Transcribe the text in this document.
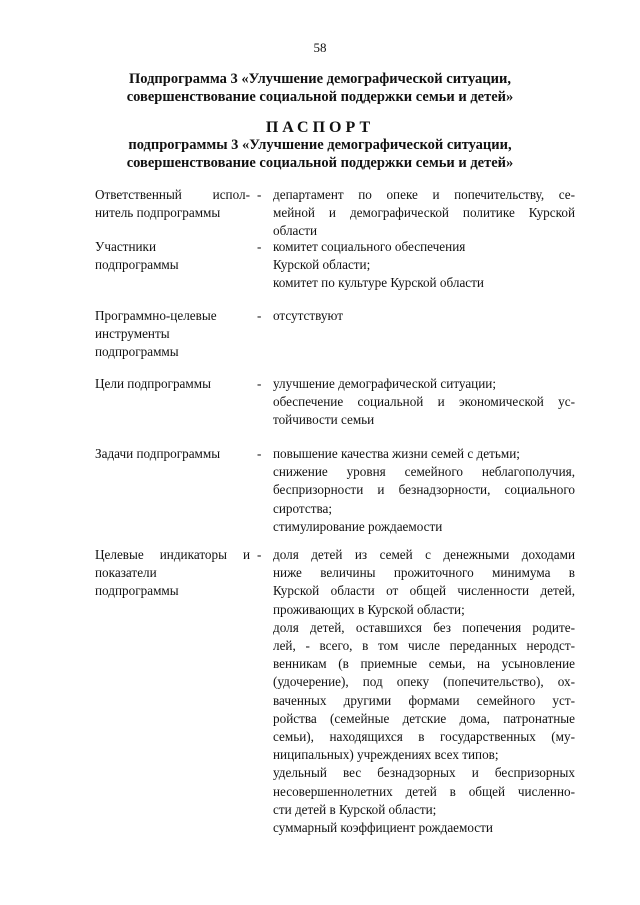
58
Подпрограмма 3 «Улучшение демографической ситуации,
совершенствование социальной поддержки семьи и детей»
ПАСПОРТ
подпрограммы 3 «Улучшение демографической ситуации,
совершенствование социальной поддержки семьи и детей»
Ответственный испол-
нитель подпрограммы
- департамент по опеке и попечительству, се-
мейной и демографической политике Курской
области
Участники
подпрограммы
- комитет социального обеспечения
Курской области;
комитет по культуре Курской области
Программно-целевые
инструменты
подпрограммы
- отсутствуют
Цели подпрограммы	- улучшение демографической ситуации;
обеспечение социальной и экономической ус-
тойчивости семьи
Задачи подпрограммы	- повышение качества жизни семей с детьми;
снижение уровня семейного неблагополучия,
беспризорности и безнадзорности, социального
сиротства;
стимулирование рождаемости
Целевые индикаторы и
показатели
подпрограммы
- доля детей из семей с денежными доходами
ниже величины прожиточного минимума в
Курской области от общей численности детей,
проживающих в Курской области;
доля детей, оставшихся без попечения родите-
лей, - всего, в том числе переданных неродст-
венникам (в приемные семьи, на усыновление
(удочерение), под опеку (попечительство), ох-
ваченных другими формами семейного уст-
ройства (семейные детские дома, патронатные
семьи), находящихся в государственных (му-
ниципальных) учреждениях всех типов;
удельный вес безнадзорных и беспризорных
несовершеннолетних детей в общей численно-
сти детей в Курской области;
суммарный коэффициент рождаемости
